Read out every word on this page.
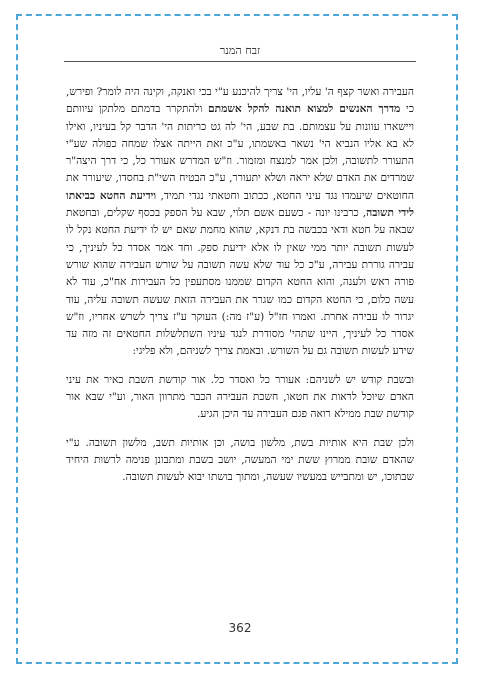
זבח המנר

העבירה ואשר קצף ה' עליו, הי' צריך להיכנע ע"י בכי ואנקה, וקינה היה לומר? ופירש, כי מדרך האנשים למצוא תואנה להקל אשמתם ולהתקרר בדמתם מלתקן עיוותם ויישארו עוונות על עצמותם. בת שבע, הי' לה גט כריתות הי' הדבר קל בעיניו, ואילו לא בא אליו הנביא הי' נשאר באשמתו, ע"כ זאת הייתה אצלו שמחה כפולה שע"י התעורר לתשובה, ולכן אמר למנצח ומזמור. וז"ש המדרש אעורר כל, כי דרך היצה"ר שמרדים את האדם שלא יראה ושלא יתעורר, ע"כ הבטיח השי"ת בחסדו, שיעורר את החוטאים שיעמדו נגד עיני החטא, ככתוב וחטאתי נגדי תמיד, וידיעת החטא כביאתו לידי תשובה, כרבינו יונה - כשעם אשם תלוי, שבא על הספק בכסף שקלים, ובחטאת שבאה על חטא ודאי בכבשה בת דנקא, שהוא מחמת שאם יש לו ידיעת החטא נקל לו לעשות תשובה יותר ממי שאין לו אלא ידיעת ספק. וחד אמר אסדר כל לעיניך, כי עבירה גוררת עבירה, ע"כ כל עוד שלא עשה תשובה על שורש העבירה שהוא שורש פורה ראש ולענה, והוא החטא הקדום שממנו מסתעפין כל העבירות אח"כ, עוד לא עשה כלום, כי החטא הקדום כמו שגרר את העבירה הזאת שעשה תשובה עליה, עוד יגרור לו עבירה אחרת. ואמרו חז"ל (ע"ז מה:) העוקר ע"ז צריך לשרש אחריו, וז"ש אסדר כל לעיניך, היינו שתהי' מסודרת לנגד עיניו השתלשלות החטאים זה מזה עד שידע לעשות תשובה גם על השורש. ובאמת צריך לשניהם, ולא פליגי:

ובשבת קודש יש לשניהם: אעורר כל ואסדר כל. אור קודשת השבת כאיר את עיני האדם שיוכל לראות את חטאו, חשכת העבירה הכבר מתרוון האור, וע"י שבא אור קודשת שבת ממילא רואה פגם העבירה עד היכן הגיע.

ולכן שבת היא אותיות בשת, מלשון בושה, וכן אותיות תשב, מלשון תשובה. ע"י שהאדם שובת ממרוץ ששת ימי המעשה, יושב בשבת ומתבונן פנימה לרשות היחיד שבתוכו, יש ומתבייש במעשיו שעשה, ומתוך בושתו יבוא לעשות תשובה.

362
